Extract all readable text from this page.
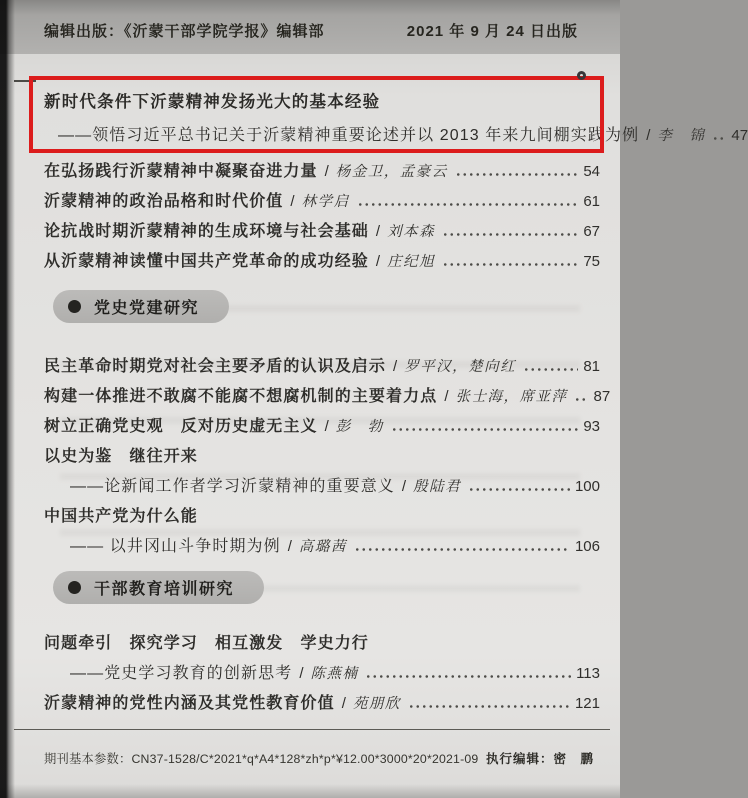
编辑出版：《沂蒙干部学院学报》编辑部	2021 年 9 月 24 日出版
新时代条件下沂蒙精神发扬光大的基本经验
——领悟习近平总书记关于沂蒙精神重要论述并以 2013 年来九间棚实践为例 / 李　锦 47
在弘扬践行沂蒙精神中凝聚奋进力量 / 杨金卫，孟豪云	54
沂蒙精神的政治品格和时代价值 / 林学启	61
论抗战时期沂蒙精神的生成环境与社会基础 / 刘本森	67
从沂蒙精神读懂中国共产党革命的成功经验 / 庄纪旭	75
党史党建研究
民主革命时期党对社会主要矛盾的认识及启示 / 罗平汉，楚向红	81
构建一体推进不敢腐不能腐不想腐机制的主要着力点 / 张士海，席亚萍 87
树立正确党史观　反对历史虚无主义 / 彭　勃	93
以史为鉴　继往开来
——论新闻工作者学习沂蒙精神的重要意义 / 殷陆君	100
中国共产党为什么能
—— 以井冈山斗争时期为例 / 高璐茜	106
干部教育培训研究
问题牵引　探究学习　相互激发　学史力行
——党史学习教育的创新思考 / 陈燕楠	113
沂蒙精神的党性内涵及其党性教育价值 / 苑朋欣	121
期刊基本参数：CN37-1528/C*2021*q*A4*128*zh*p*¥12.00*3000*20*2021-09 执行编辑：密　鹏
